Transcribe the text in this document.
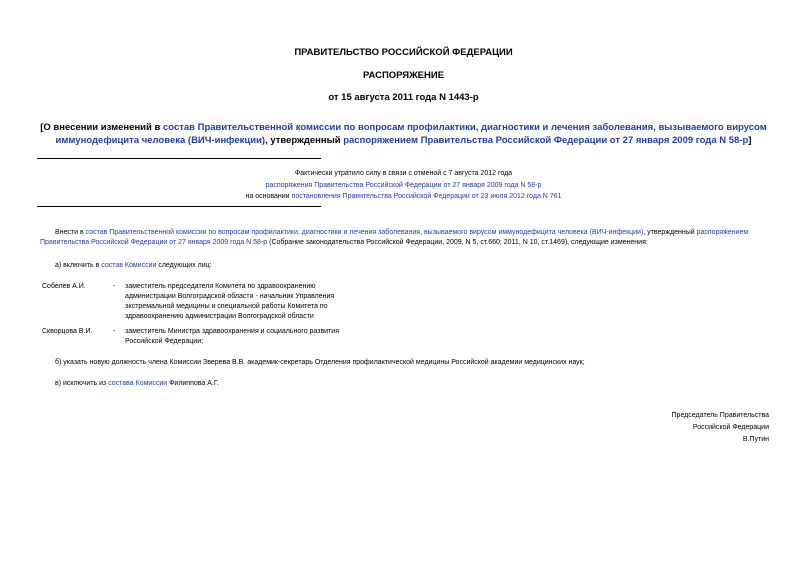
ПРАВИТЕЛЬСТВО РОССИЙСКОЙ ФЕДЕРАЦИИ
РАСПОРЯЖЕНИЕ
от 15 августа 2011 года N 1443-р
[О внесении изменений в состав Правительственной комиссии по вопросам профилактики, диагностики и лечения заболевания, вызываемого вирусом иммунодефицита человека (ВИЧ-инфекции), утвержденный распоряжением Правительства Российской Федерации от 27 января 2009 года N 58-р]
Фактически утратило силу в связи с отменой с 7 августа 2012 года
распоряжения Правительства Российской Федерации от 27 января 2009 года N 58-р
на основании постановления Правительства Российской Федерации от 23 июля 2012 года N 761
Внести в состав Правительственной комиссии по вопросам профилактики, диагностики и лечения заболевания, вызываемого вирусом иммунодефицита человека (ВИЧ-инфекции), утвержденный распоряжением Правительства Российской Федерации от 27 января 2009 года N 58-р (Собрание законодательства Российской Федерации, 2009, N 5, ст.660; 2011, N 10, ст.1469), следующие изменения:
а) включить в состав Комиссии следующих лиц:
Собелев А.И.	- заместитель председателя Комитета по здравоохранению
администрации Волгоградской области - начальник Управления
экстремальной медицины и специальной работы Комитета по
здравоохранению администрации Волгоградской области
Скворцова В.И.	- заместитель Министра здравоохранения и социального развития
Российской Федерации;
б) указать новую должность члена Комиссии Зверева В.В. академик-секретарь Отделения профилактической медицины Российской академии медицинских наук;
в) исключить из состава Комиссии Филиппова А.Г.
Председатель Правительства
Российской Федерации
В.Путин
